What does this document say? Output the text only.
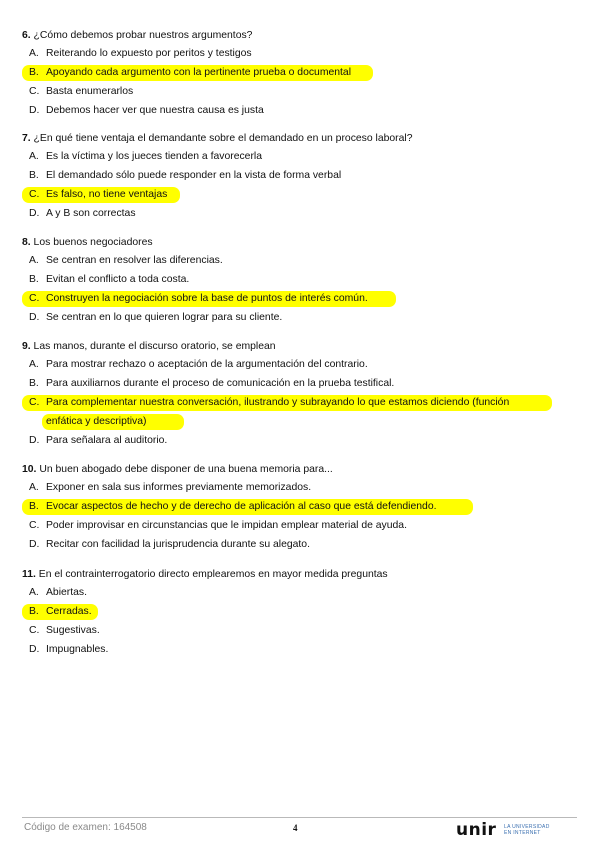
6. ¿Cómo debemos probar nuestros argumentos?
A. Reiterando lo expuesto por peritos y testigos
B. Apoyando cada argumento con la pertinente prueba o documental
C. Basta enumerarlos
D. Debemos hacer ver que nuestra causa es justa
7. ¿En qué tiene ventaja el demandante sobre el demandado en un proceso laboral?
A. Es la víctima y los jueces tienden a favorecerla
B. El demandado sólo puede responder en la vista de forma verbal
C. Es falso, no tiene ventajas
D. A y B son correctas
8. Los buenos negociadores
A. Se centran en resolver las diferencias.
B. Evitan el conflicto a toda costa.
C. Construyen la negociación sobre la base de puntos de interés común.
D. Se centran en lo que quieren lograr para su cliente.
9. Las manos, durante el discurso oratorio, se emplean
A. Para mostrar rechazo o aceptación de la argumentación del contrario.
B. Para auxiliarnos durante el proceso de comunicación en la prueba testifical.
C. Para complementar nuestra conversación, ilustrando y subrayando lo que estamos diciendo (función
enfática y descriptiva)
D. Para señalara al auditorio.
10. Un buen abogado debe disponer de una buena memoria para...
A. Exponer en sala sus informes previamente memorizados.
B. Evocar aspectos de hecho y de derecho de aplicación al caso que está defendiendo.
C. Poder improvisar en circunstancias que le impidan emplear material de ayuda.
D. Recitar con facilidad la jurisprudencia durante su alegato.
11. En el contrainterrogatorio directo emplearemos en mayor medida preguntas
A. Abiertas.
B. Cerradas.
C. Sugestivas.
D. Impugnables.
Código de examen: 164508	4	unir LA UNIVERSIDAD
EN INTERNET
